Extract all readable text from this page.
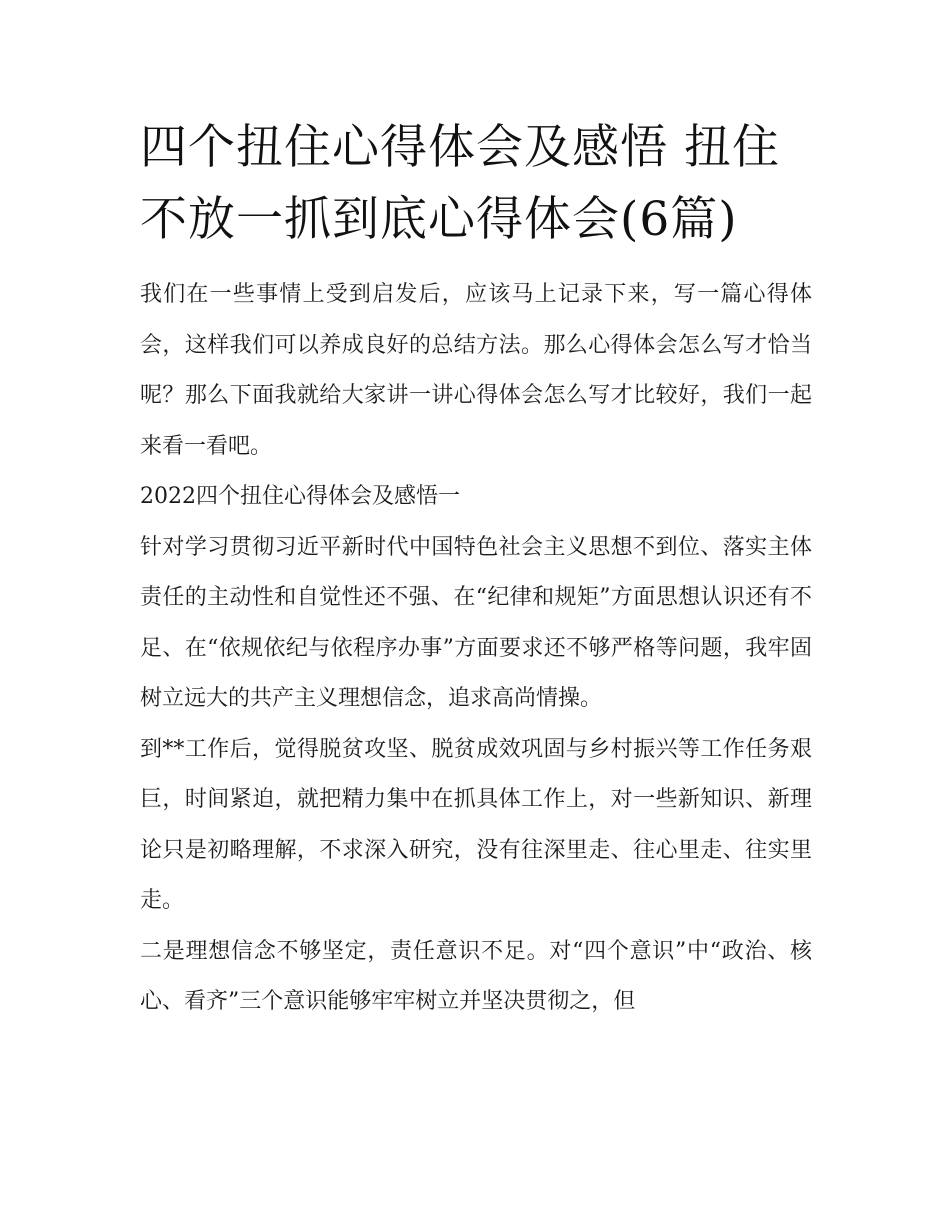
四个扭住心得体会及感悟 扭住不放一抓到底心得体会(6篇)

我们在一些事情上受到启发后，应该马上记录下来，写一篇心得体会，这样我们可以养成良好的总结方法。那么心得体会怎么写才恰当呢？那么下面我就给大家讲一讲心得体会怎么写才比较好，我们一起来看一看吧。

2022四个扭住心得体会及感悟一

针对学习贯彻习近平新时代中国特色社会主义思想不到位、落实主体责任的主动性和自觉性还不强、在“纪律和规矩”方面思想认识还有不足、在“依规依纪与依程序办事”方面要求还不够严格等问题，我牢固树立远大的共产主义理想信念，追求高尚情操。

到**工作后，觉得脱贫攻坚、脱贫成效巩固与乡村振兴等工作任务艰巨，时间紧迫，就把精力集中在抓具体工作上，对一些新知识、新理论只是初略理解，不求深入研究，没有往深里走、往心里走、往实里走。

二是理想信念不够坚定，责任意识不足。对“四个意识”中“政治、核心、看齐”三个意识能够牢牢树立并坚决贯彻之，但
